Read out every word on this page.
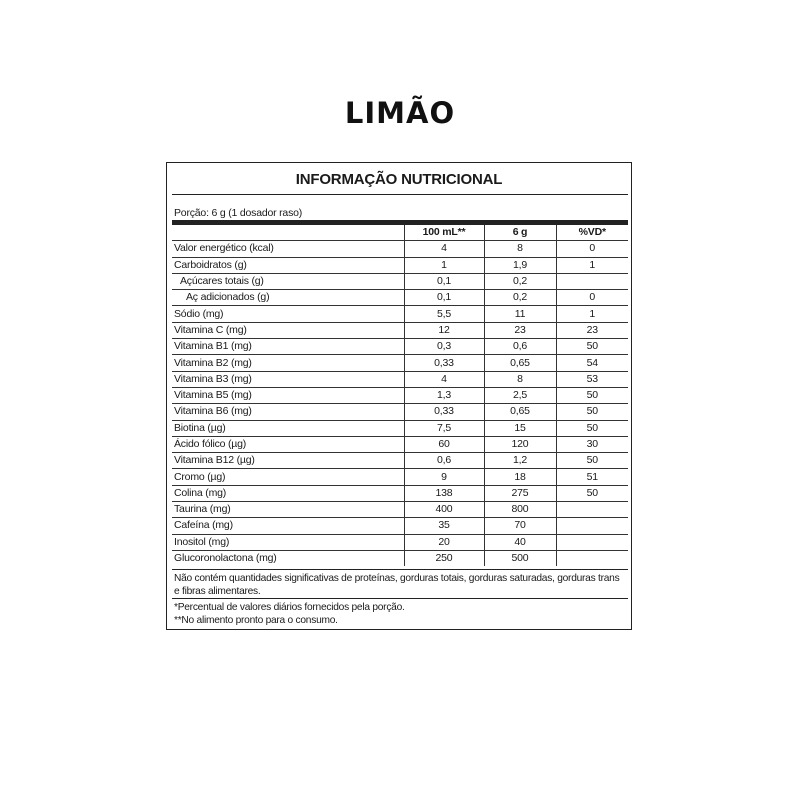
LIMÃO
INFORMAÇÃO NUTRICIONAL
Porção: 6 g (1 dosador raso)
	100 mL**	6 g	%VD*
Valor energético (kcal)	4	8	0
Carboidratos (g)	1	1,9	1
Açúcares totais (g)	0,1	0,2	
Aç adicionados (g)	0,1	0,2	0
Sódio (mg)	5,5	11	1
Vitamina C (mg)	12	23	23
Vitamina B1 (mg)	0,3	0,6	50
Vitamina B2 (mg)	0,33	0,65	54
Vitamina B3 (mg)	4	8	53
Vitamina B5 (mg)	1,3	2,5	50
Vitamina B6 (mg)	0,33	0,65	50
Biotina (µg)	7,5	15	50
Ácido fólico (µg)	60	120	30
Vitamina B12 (µg)	0,6	1,2	50
Cromo (µg)	9	18	51
Colina (mg)	138	275	50
Taurina (mg)	400	800	
Cafeína (mg)	35	70	
Inositol (mg)	20	40	
Glucoronolactona (mg)	250	500	
Não contém quantidades significativas de proteínas, gorduras totais, gorduras saturadas, gorduras trans e fibras alimentares.
*Percentual de valores diários fornecidos pela porção.
**No alimento pronto para o consumo.
